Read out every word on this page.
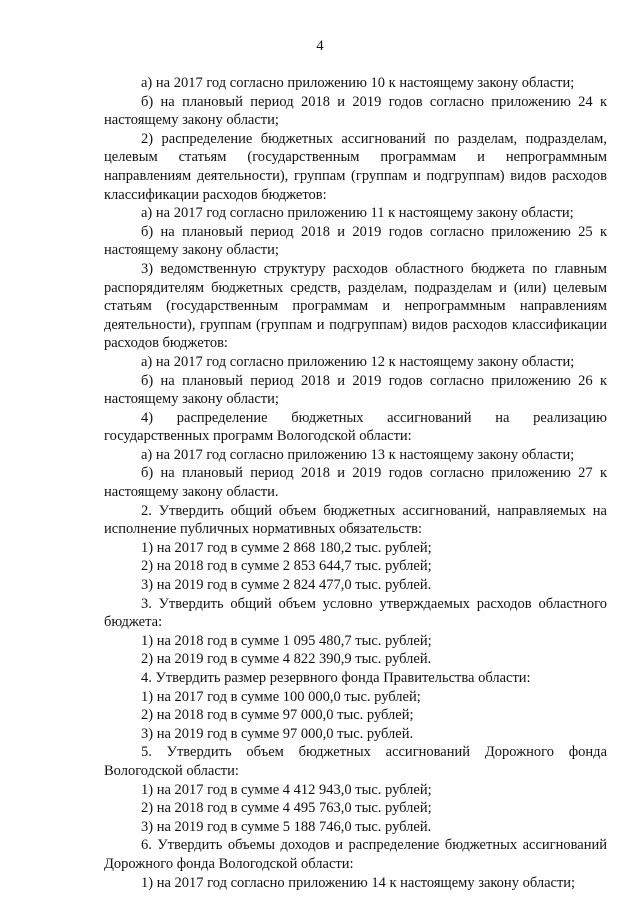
4

а) на 2017 год согласно приложению 10 к настоящему закону области;

б) на плановый период 2018 и 2019 годов согласно приложению 24 к настоящему закону области;

2) распределение бюджетных ассигнований по разделам, подразделам, целевым статьям (государственным программам и непрограммным направлениям деятельности), группам (группам и подгруппам) видов расходов классификации расходов бюджетов:

а) на 2017 год согласно приложению 11 к настоящему закону области;

б) на плановый период 2018 и 2019 годов согласно приложению 25 к настоящему закону области;

3) ведомственную структуру расходов областного бюджета по главным распорядителям бюджетных средств, разделам, подразделам и (или) целевым статьям (государственным программам и непрограммным направлениям деятельности), группам (группам и подгруппам) видов расходов классификации расходов бюджетов:

а) на 2017 год согласно приложению 12 к настоящему закону области;

б) на плановый период 2018 и 2019 годов согласно приложению 26 к настоящему закону области;

4) распределение бюджетных ассигнований на реализацию государственных программ Вологодской области:

а) на 2017 год согласно приложению 13 к настоящему закону области;

б) на плановый период 2018 и 2019 годов согласно приложению 27 к настоящему закону области.

2. Утвердить общий объем бюджетных ассигнований, направляемых на исполнение публичных нормативных обязательств:

1) на 2017 год в сумме 2 868 180,2 тыс. рублей;

2) на 2018 год в сумме 2 853 644,7 тыс. рублей;

3) на 2019 год в сумме 2 824 477,0 тыс. рублей.

3. Утвердить общий объем условно утверждаемых расходов областного бюджета:

1) на 2018 год в сумме 1 095 480,7 тыс. рублей;

2) на 2019 год в сумме 4 822 390,9 тыс. рублей.

4. Утвердить размер резервного фонда Правительства области:

1) на 2017 год в сумме 100 000,0 тыс. рублей;

2) на 2018 год в сумме 97 000,0 тыс. рублей;

3) на 2019 год в сумме 97 000,0 тыс. рублей.

5. Утвердить объем бюджетных ассигнований Дорожного фонда Вологодской области:

1) на 2017 год в сумме 4 412 943,0 тыс. рублей;

2) на 2018 год в сумме 4 495 763,0 тыс. рублей;

3) на 2019 год в сумме 5 188 746,0 тыс. рублей.

6. Утвердить объемы доходов и распределение бюджетных ассигнований Дорожного фонда Вологодской области:

1) на 2017 год согласно приложению 14 к настоящему закону области;
